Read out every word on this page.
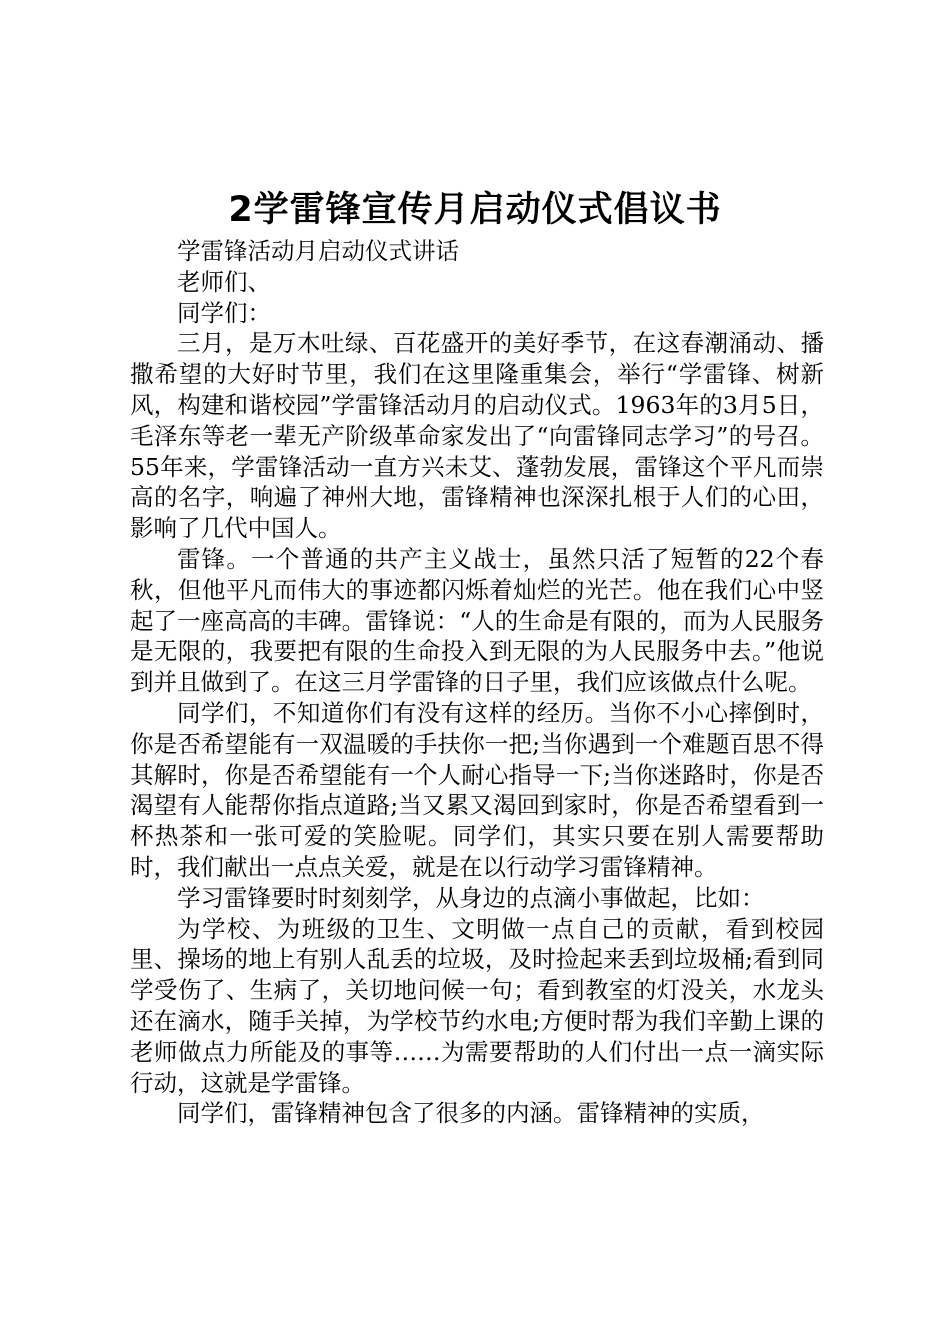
2学雷锋宣传月启动仪式倡议书

学雷锋活动月启动仪式讲话

老师们、

同学们：

三月，是万木吐绿、百花盛开的美好季节，在这春潮涌动、播撒希望的大好时节里，我们在这里隆重集会，举行“学雷锋、树新风，构建和谐校园”学雷锋活动月的启动仪式。1963年的3月5日，毛泽东等老一辈无产阶级革命家发出了“向雷锋同志学习”的号召。55年来，学雷锋活动一直方兴未艾、蓬勃发展，雷锋这个平凡而崇高的名字，响遍了神州大地，雷锋精神也深深扎根于人们的心田，影响了几代中国人。

雷锋。一个普通的共产主义战士，虽然只活了短暂的22个春秋，但他平凡而伟大的事迹都闪烁着灿烂的光芒。他在我们心中竖起了一座高高的丰碑。雷锋说：“人的生命是有限的，而为人民服务是无限的，我要把有限的生命投入到无限的为人民服务中去。”他说到并且做到了。在这三月学雷锋的日子里，我们应该做点什么呢。

同学们，不知道你们有没有这样的经历。当你不小心摔倒时，你是否希望能有一双温暖的手扶你一把;当你遇到一个难题百思不得其解时，你是否希望能有一个人耐心指导一下;当你迷路时，你是否渴望有人能帮你指点道路;当又累又渴回到家时，你是否希望看到一杯热茶和一张可爱的笑脸呢。同学们，其实只要在别人需要帮助时，我们献出一点点关爱，就是在以行动学习雷锋精神。

学习雷锋要时时刻刻学，从身边的点滴小事做起，比如：

为学校、为班级的卫生、文明做一点自己的贡献，看到校园里、操场的地上有别人乱丢的垃圾，及时捡起来丢到垃圾桶;看到同学受伤了、生病了，关切地问候一句；看到教室的灯没关，水龙头还在滴水，随手关掉，为学校节约水电;方便时帮为我们辛勤上课的老师做点力所能及的事等……为需要帮助的人们付出一点一滴实际行动，这就是学雷锋。

同学们，雷锋精神包含了很多的内涵。雷锋精神的实质，
